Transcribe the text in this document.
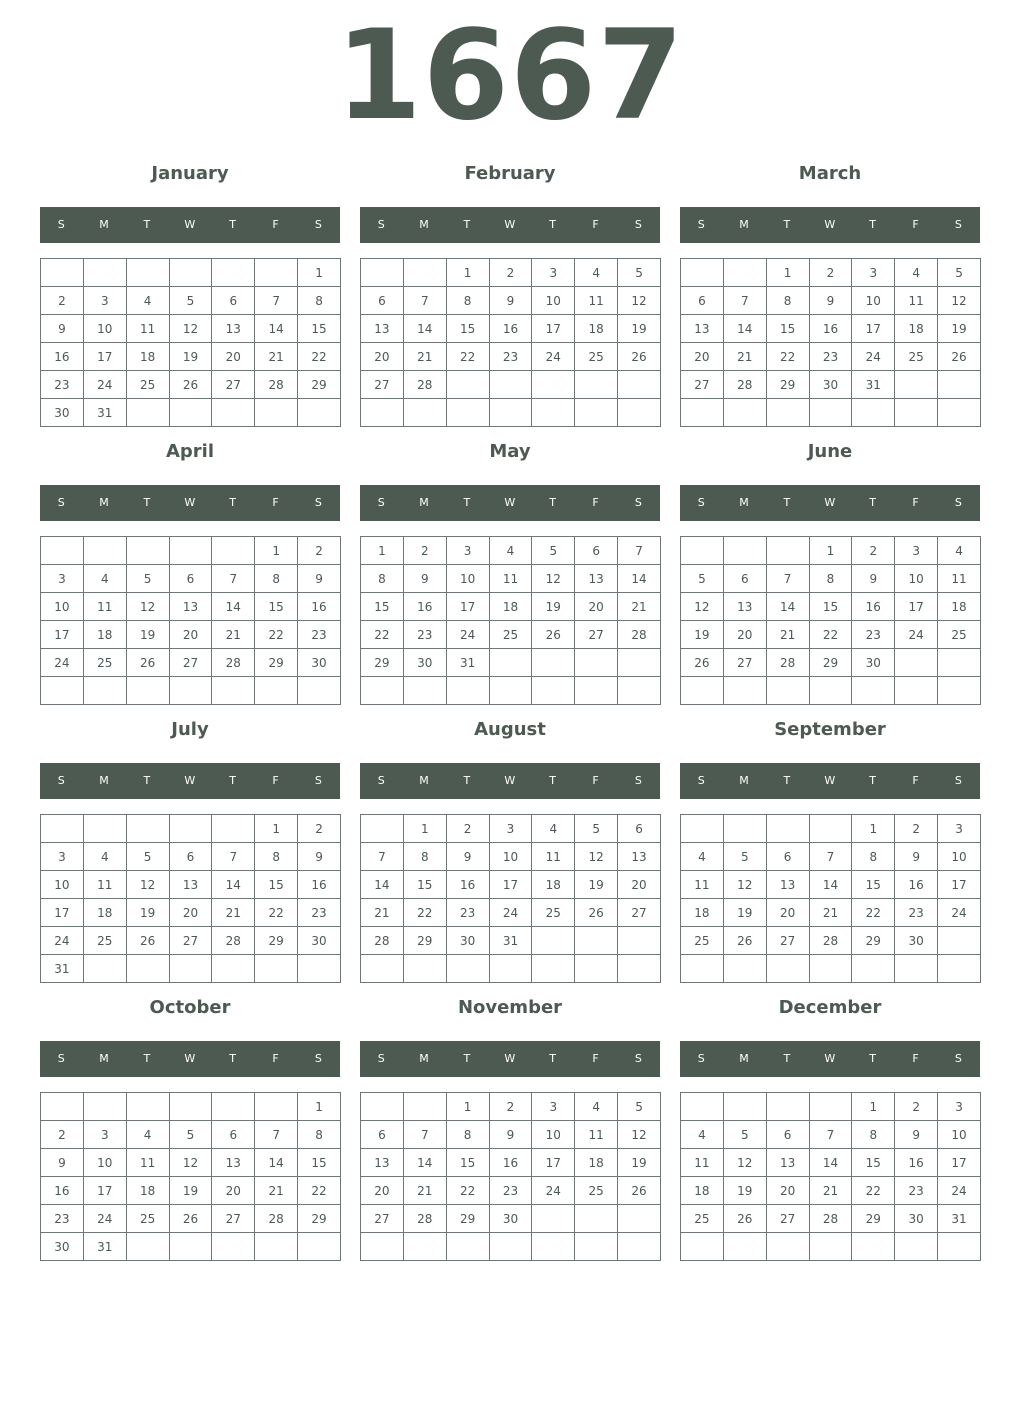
1667
January
S	M	T	W	T	F	S
						1
2	3	4	5	6	7	8
9	10	11	12	13	14	15
16	17	18	19	20	21	22
23	24	25	26	27	28	29
30	31					
February
S	M	T	W	T	F	S
		1	2	3	4	5
6	7	8	9	10	11	12
13	14	15	16	17	18	19
20	21	22	23	24	25	26
27	28					

March
S	M	T	W	T	F	S
		1	2	3	4	5
6	7	8	9	10	11	12
13	14	15	16	17	18	19
20	21	22	23	24	25	26
27	28	29	30	31		

April
S	M	T	W	T	F	S
					1	2
3	4	5	6	7	8	9
10	11	12	13	14	15	16
17	18	19	20	21	22	23
24	25	26	27	28	29	30

May
S	M	T	W	T	F	S
1	2	3	4	5	6	7
8	9	10	11	12	13	14
15	16	17	18	19	20	21
22	23	24	25	26	27	28
29	30	31				

June
S	M	T	W	T	F	S
			1	2	3	4
5	6	7	8	9	10	11
12	13	14	15	16	17	18
19	20	21	22	23	24	25
26	27	28	29	30		

July
S	M	T	W	T	F	S
					1	2
3	4	5	6	7	8	9
10	11	12	13	14	15	16
17	18	19	20	21	22	23
24	25	26	27	28	29	30
31						
August
S	M	T	W	T	F	S
	1	2	3	4	5	6
7	8	9	10	11	12	13
14	15	16	17	18	19	20
21	22	23	24	25	26	27
28	29	30	31			

September
S	M	T	W	T	F	S
				1	2	3
4	5	6	7	8	9	10
11	12	13	14	15	16	17
18	19	20	21	22	23	24
25	26	27	28	29	30	

October
S	M	T	W	T	F	S
						1
2	3	4	5	6	7	8
9	10	11	12	13	14	15
16	17	18	19	20	21	22
23	24	25	26	27	28	29
30	31					
November
S	M	T	W	T	F	S
		1	2	3	4	5
6	7	8	9	10	11	12
13	14	15	16	17	18	19
20	21	22	23	24	25	26
27	28	29	30			

December
S	M	T	W	T	F	S
				1	2	3
4	5	6	7	8	9	10
11	12	13	14	15	16	17
18	19	20	21	22	23	24
25	26	27	28	29	30	31
